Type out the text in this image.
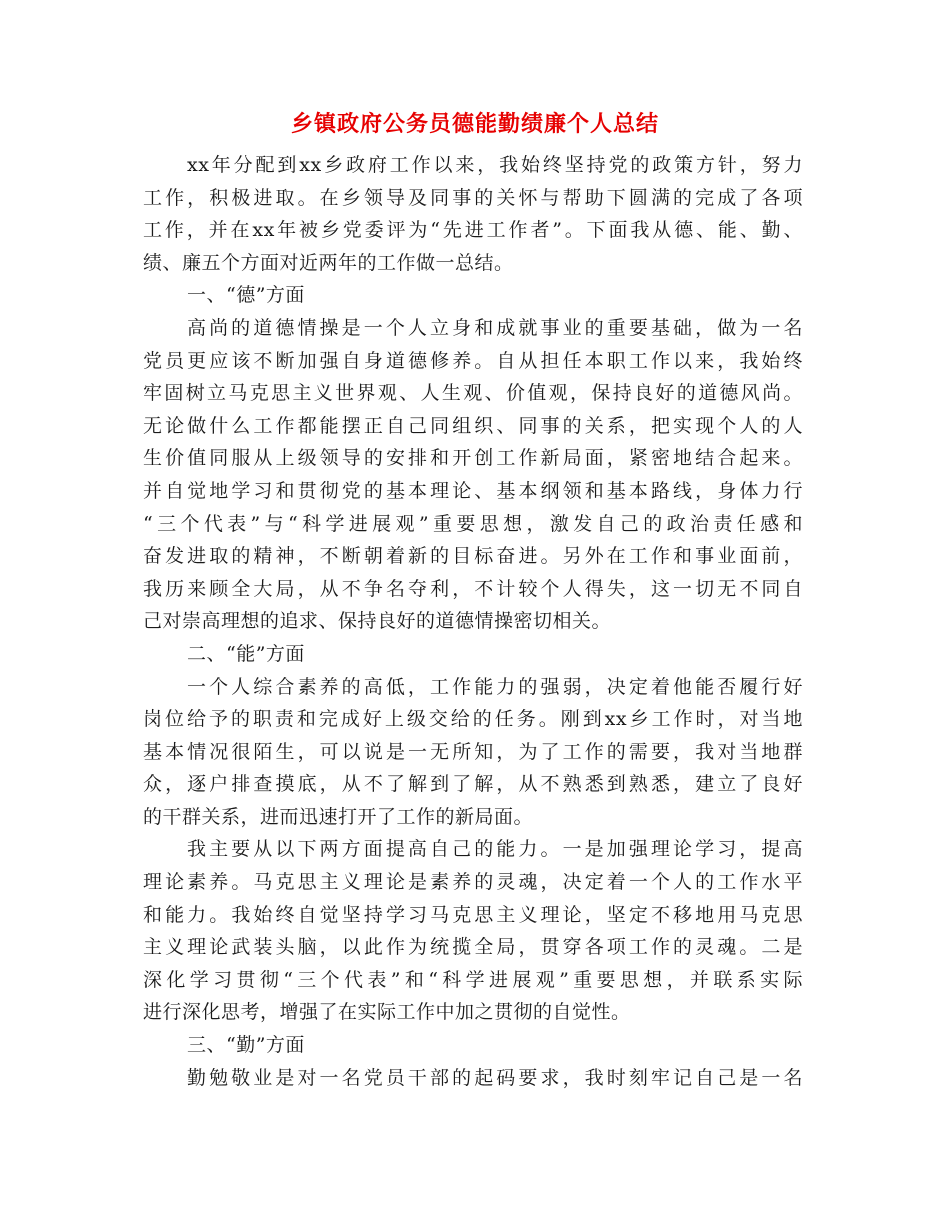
乡镇政府公务员德能勤绩廉个人总结
xx年分配到xx乡政府工作以来，我始终坚持党的政策方针，努力
工作，积极进取。在乡领导及同事的关怀与帮助下圆满的完成了各项
工作，并在xx年被乡党委评为“先进工作者”。下面我从德、能、勤、
绩、廉五个方面对近两年的工作做一总结。
一、“德”方面
高尚的道德情操是一个人立身和成就事业的重要基础，做为一名
党员更应该不断加强自身道德修养。自从担任本职工作以来，我始终
牢固树立马克思主义世界观、人生观、价值观，保持良好的道德风尚。
无论做什么工作都能摆正自己同组织、同事的关系，把实现个人的人
生价值同服从上级领导的安排和开创工作新局面，紧密地结合起来。
并自觉地学习和贯彻党的基本理论、基本纲领和基本路线，身体力行
“三个代表”与“科学进展观”重要思想，激发自己的政治责任感和
奋发进取的精神，不断朝着新的目标奋进。另外在工作和事业面前，
我历来顾全大局，从不争名夺利，不计较个人得失，这一切无不同自
己对崇高理想的追求、保持良好的道德情操密切相关。
二、“能”方面
一个人综合素养的高低，工作能力的强弱，决定着他能否履行好
岗位给予的职责和完成好上级交给的任务。刚到xx乡工作时，对当地
基本情况很陌生，可以说是一无所知，为了工作的需要，我对当地群
众，逐户排查摸底，从不了解到了解，从不熟悉到熟悉，建立了良好
的干群关系，进而迅速打开了工作的新局面。
我主要从以下两方面提高自己的能力。一是加强理论学习，提高
理论素养。马克思主义理论是素养的灵魂，决定着一个人的工作水平
和能力。我始终自觉坚持学习马克思主义理论，坚定不移地用马克思
主义理论武装头脑，以此作为统揽全局，贯穿各项工作的灵魂。二是
深化学习贯彻“三个代表”和“科学进展观”重要思想，并联系实际
进行深化思考，增强了在实际工作中加之贯彻的自觉性。
三、“勤”方面
勤勉敬业是对一名党员干部的起码要求，我时刻牢记自己是一名
